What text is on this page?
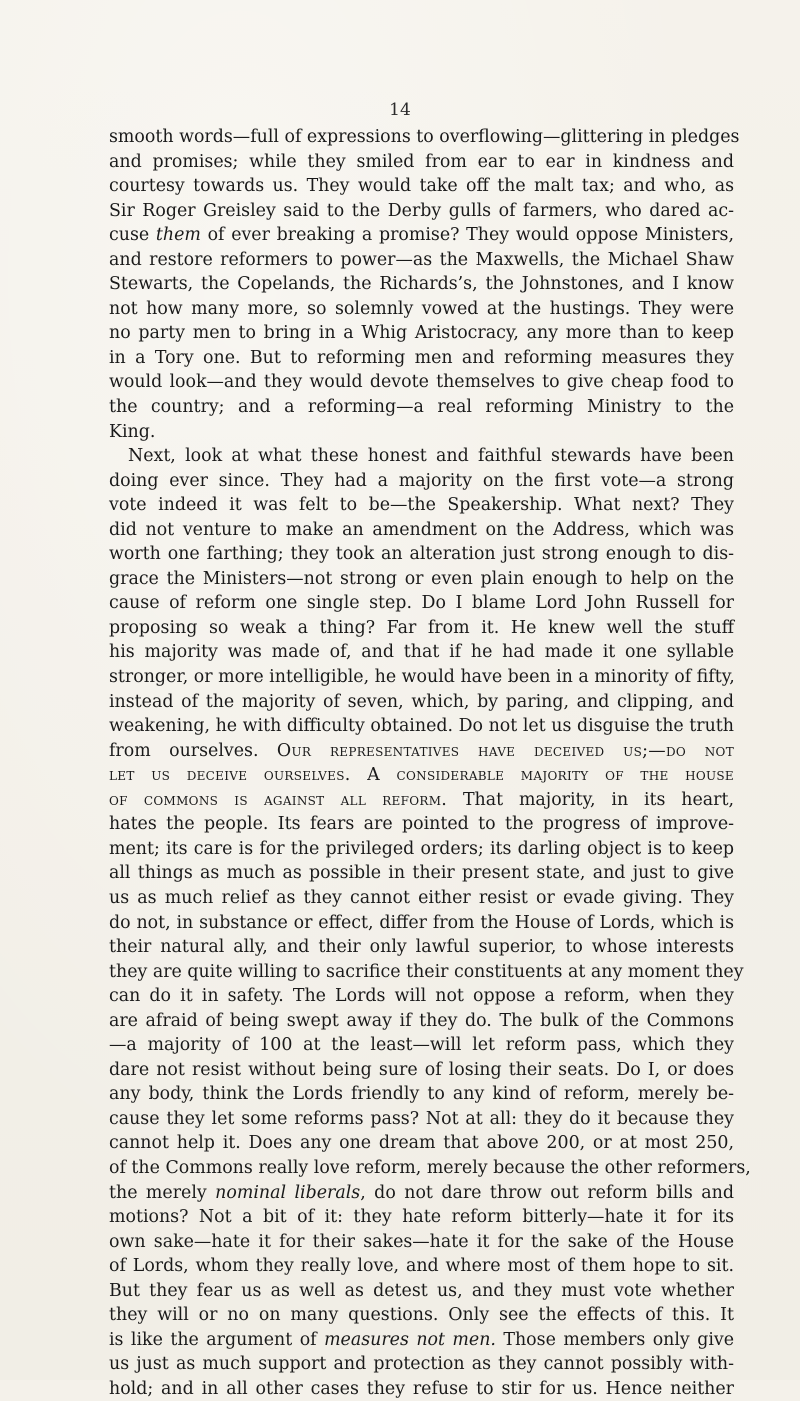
14
smooth words—full of expressions to overflowing—glittering in pledges
and promises; while they smiled from ear to ear in kindness and
courtesy towards us. They would take off the malt tax; and who, as
Sir Roger Greisley said to the Derby gulls of farmers, who dared ac-
cuse them of ever breaking a promise? They would oppose Ministers,
and restore reformers to power—as the Maxwells, the Michael Shaw
Stewarts, the Copelands, the Richards’s, the Johnstones, and I know
not how many more, so solemnly vowed at the hustings. They were
no party men to bring in a Whig Aristocracy, any more than to keep
in a Tory one. But to reforming men and reforming measures they
would look—and they would devote themselves to give cheap food to
the country; and a reforming—a real reforming Ministry to the
King.
Next, look at what these honest and faithful stewards have been
doing ever since. They had a majority on the first vote—a strong
vote indeed it was felt to be—the Speakership. What next? They
did not venture to make an amendment on the Address, which was
worth one farthing; they took an alteration just strong enough to dis-
grace the Ministers—not strong or even plain enough to help on the
cause of reform one single step. Do I blame Lord John Russell for
proposing so weak a thing? Far from it. He knew well the stuff
his majority was made of, and that if he had made it one syllable
stronger, or more intelligible, he would have been in a minority of fifty,
instead of the majority of seven, which, by paring, and clipping, and
weakening, he with difficulty obtained. Do not let us disguise the truth
from ourselves. Our representatives have deceived us;—do not
let us deceive ourselves. A considerable majority of the house
of commons is against all reform. That majority, in its heart,
hates the people. Its fears are pointed to the progress of improve-
ment; its care is for the privileged orders; its darling object is to keep
all things as much as possible in their present state, and just to give
us as much relief as they cannot either resist or evade giving. They
do not, in substance or effect, differ from the House of Lords, which is
their natural ally, and their only lawful superior, to whose interests
they are quite willing to sacrifice their constituents at any moment they
can do it in safety. The Lords will not oppose a reform, when they
are afraid of being swept away if they do. The bulk of the Commons
—a majority of 100 at the least—will let reform pass, which they
dare not resist without being sure of losing their seats. Do I, or does
any body, think the Lords friendly to any kind of reform, merely be-
cause they let some reforms pass? Not at all: they do it because they
cannot help it. Does any one dream that above 200, or at most 250,
of the Commons really love reform, merely because the other reformers,
the merely nominal liberals, do not dare throw out reform bills and
motions? Not a bit of it: they hate reform bitterly—hate it for its
own sake—hate it for their sakes—hate it for the sake of the House
of Lords, whom they really love, and where most of them hope to sit.
But they fear us as well as detest us, and they must vote whether
they will or no on many questions. Only see the effects of this. It
is like the argument of measures not men. Those members only give
us just as much support and protection as they cannot possibly with-
hold; and in all other cases they refuse to stir for us. Hence neither
